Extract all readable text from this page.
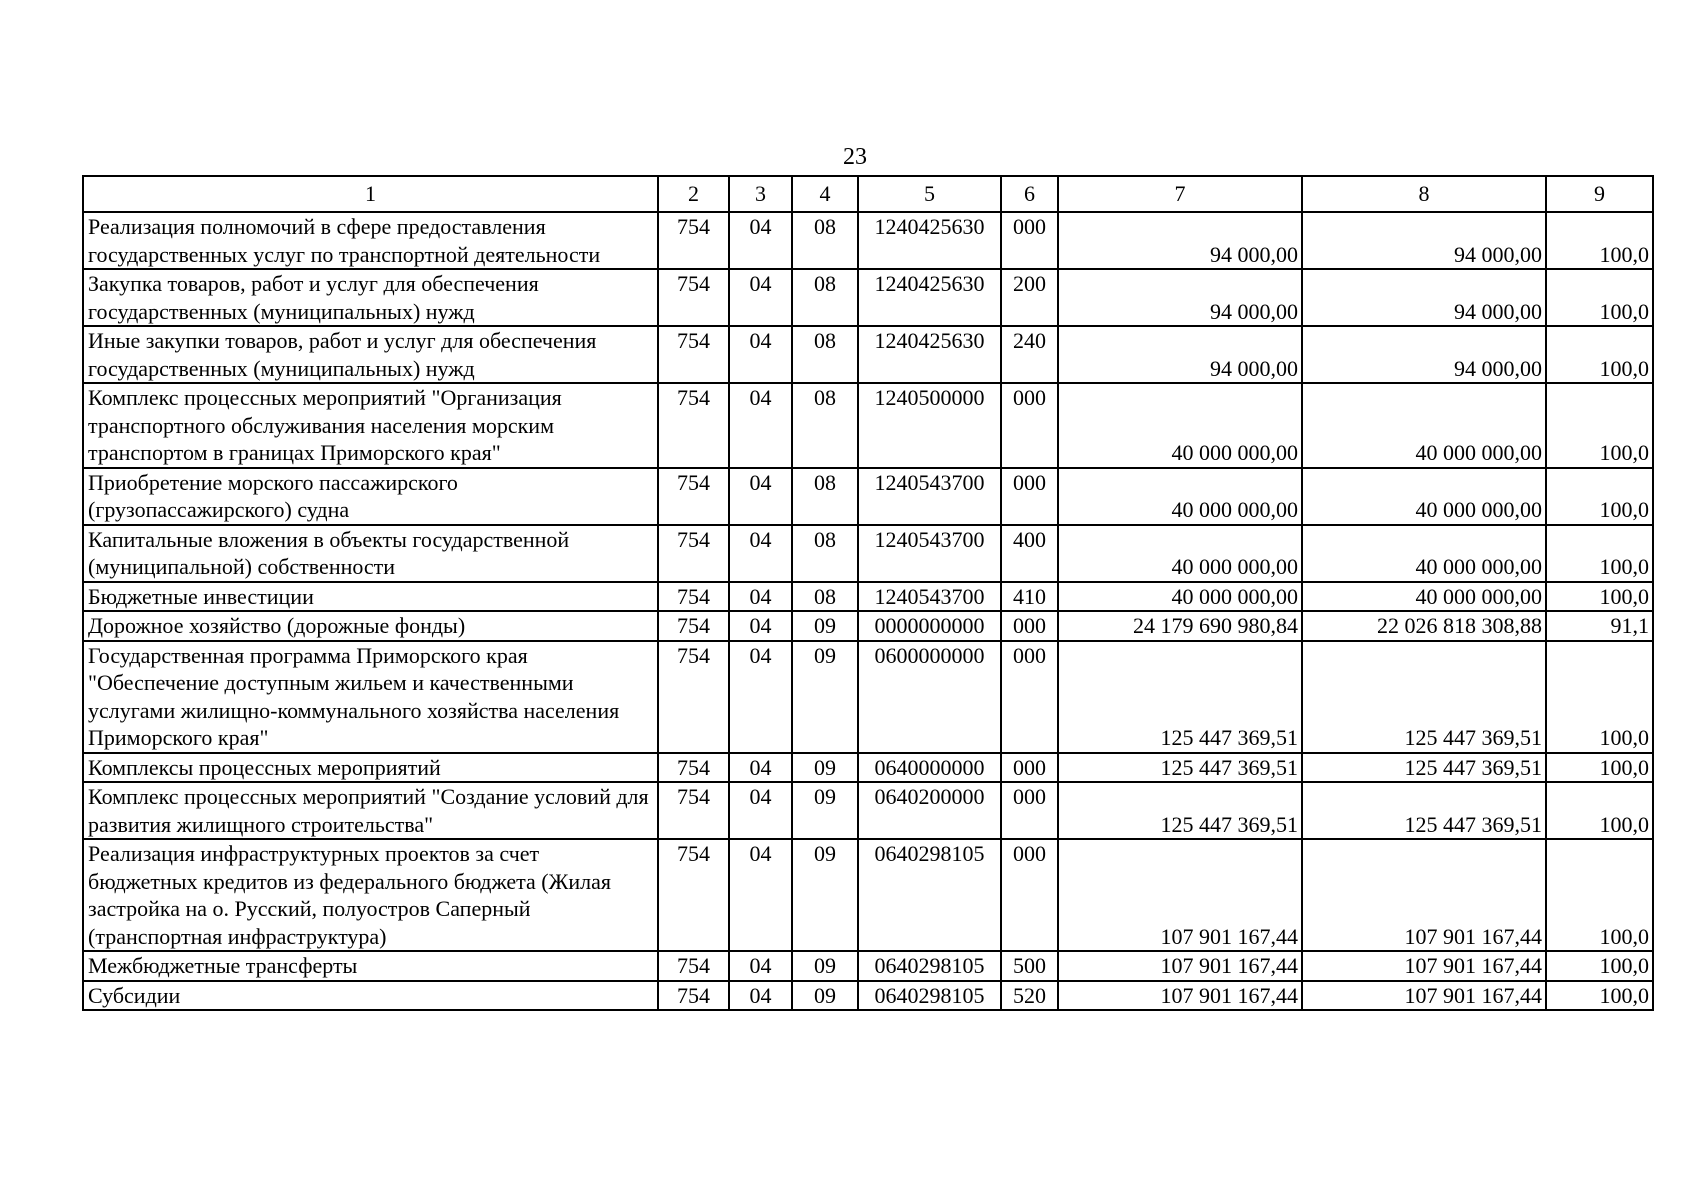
23
1	2	3	4	5	6	7	8	9
Реализация полномочий в сфере предоставления государственных услуг по транспортной деятельности	754	04	08	1240425630	000	94 000,00	94 000,00	100,0
Закупка товаров, работ и услуг для обеспечения государственных (муниципальных) нужд	754	04	08	1240425630	200	94 000,00	94 000,00	100,0
Иные закупки товаров, работ и услуг для обеспечения государственных (муниципальных) нужд	754	04	08	1240425630	240	94 000,00	94 000,00	100,0
Комплекс процессных мероприятий "Организация транспортного обслуживания населения морским транспортом в границах Приморского края"	754	04	08	1240500000	000	40 000 000,00	40 000 000,00	100,0
Приобретение морского пассажирского (грузопассажирского) судна	754	04	08	1240543700	000	40 000 000,00	40 000 000,00	100,0
Капитальные вложения в объекты государственной (муниципальной) собственности	754	04	08	1240543700	400	40 000 000,00	40 000 000,00	100,0
Бюджетные инвестиции	754	04	08	1240543700	410	40 000 000,00	40 000 000,00	100,0
Дорожное хозяйство (дорожные фонды)	754	04	09	0000000000	000	24 179 690 980,84	22 026 818 308,88	91,1
Государственная программа Приморского края "Обеспечение доступным жильем и качественными услугами жилищно-коммунального хозяйства населения Приморского края"	754	04	09	0600000000	000	125 447 369,51	125 447 369,51	100,0
Комплексы процессных мероприятий	754	04	09	0640000000	000	125 447 369,51	125 447 369,51	100,0
Комплекс процессных мероприятий "Создание условий для развития жилищного строительства"	754	04	09	0640200000	000	125 447 369,51	125 447 369,51	100,0
Реализация инфраструктурных проектов за счет бюджетных кредитов из федерального бюджета (Жилая застройка на о. Русский, полуостров Саперный (транспортная инфраструктура)	754	04	09	0640298105	000	107 901 167,44	107 901 167,44	100,0
Межбюджетные трансферты	754	04	09	0640298105	500	107 901 167,44	107 901 167,44	100,0
Субсидии	754	04	09	0640298105	520	107 901 167,44	107 901 167,44	100,0
